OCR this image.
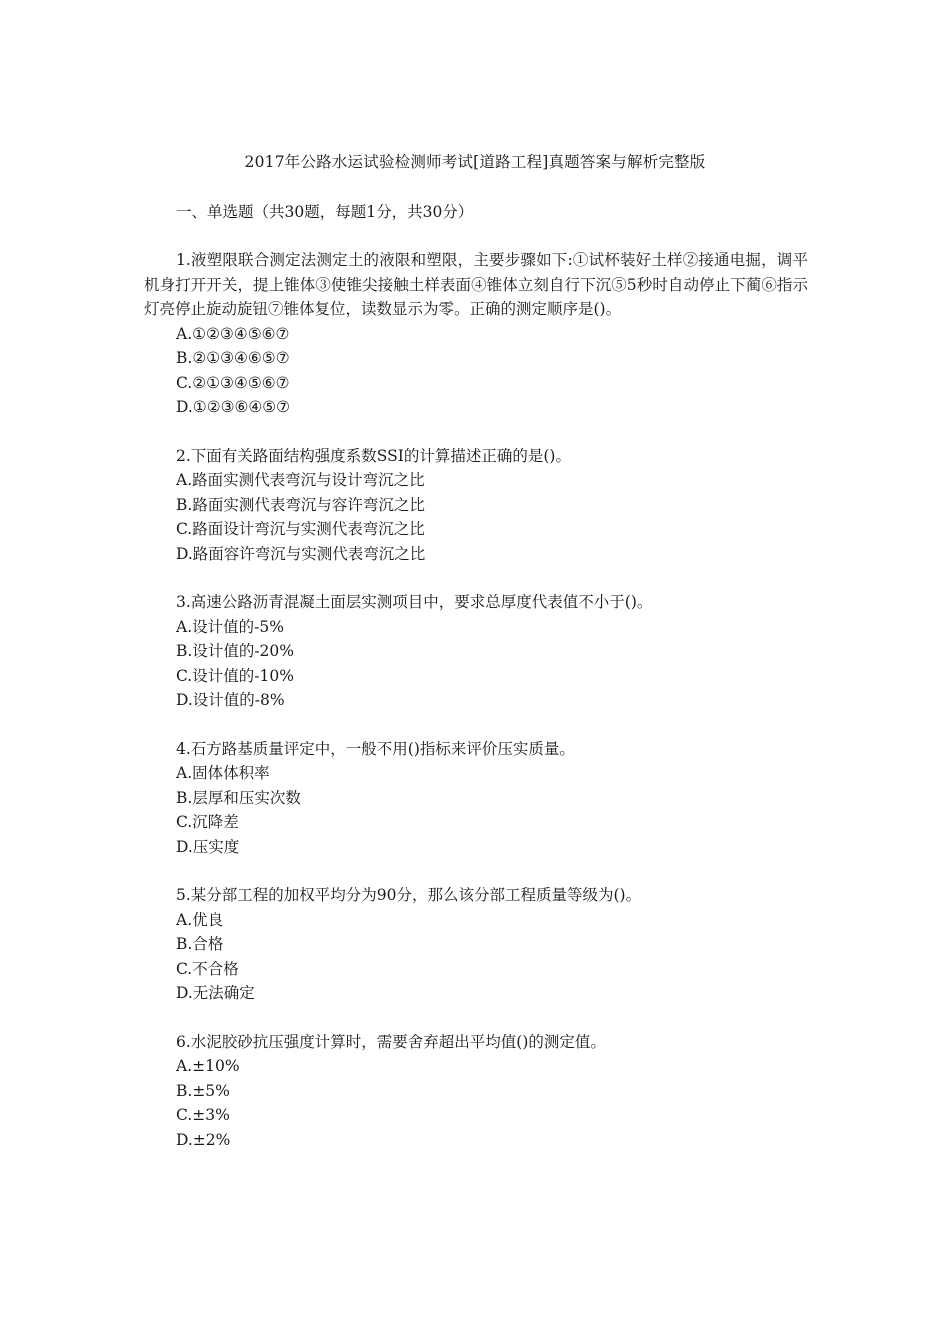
2017年公路水运试验检测师考试[道路工程]真题答案与解析完整版
一、单选题（共30题，每题1分，共30分）

1.液塑限联合测定法测定土的液限和塑限，主要步骤如下:①试杯装好土样②接通电掘，调平机身打开开关，提上锥体③使锥尖接触土样表面④锥体立刻自行下沉⑤5秒时自动停止下蔺⑥指示灯亮停止旋动旋钮⑦锥体复位，读数显示为零。正确的测定顺序是()。

A.①②③④⑤⑥⑦

B.②①③④⑥⑤⑦

C.②①③④⑤⑥⑦

D.①②③⑥④⑤⑦

2.下面有关路面结构强度系数SSI的计算描述正确的是()。

A.路面实测代表弯沉与设计弯沉之比

B.路面实测代表弯沉与容许弯沉之比

C.路面设计弯沉与实测代表弯沉之比

D.路面容许弯沉与实测代表弯沉之比

3.高速公路沥青混凝土面层实测项目中，要求总厚度代表值不小于()。

A.设计值的-5%

B.设计值的-20%

C.设计值的-10%

D.设计值的-8%

4.石方路基质量评定中，一般不用()指标来评价压实质量。

A.固体体积率

B.层厚和压实次数

C.沉降差

D.压实度

5.某分部工程的加权平均分为90分，那么该分部工程质量等级为()。

A.优良

B.合格

C.不合格

D.无法确定

6.水泥胶砂抗压强度计算时，需要舍弃超出平均值()的测定值。

A.±10%

B.±5%

C.±3%

D.±2%
